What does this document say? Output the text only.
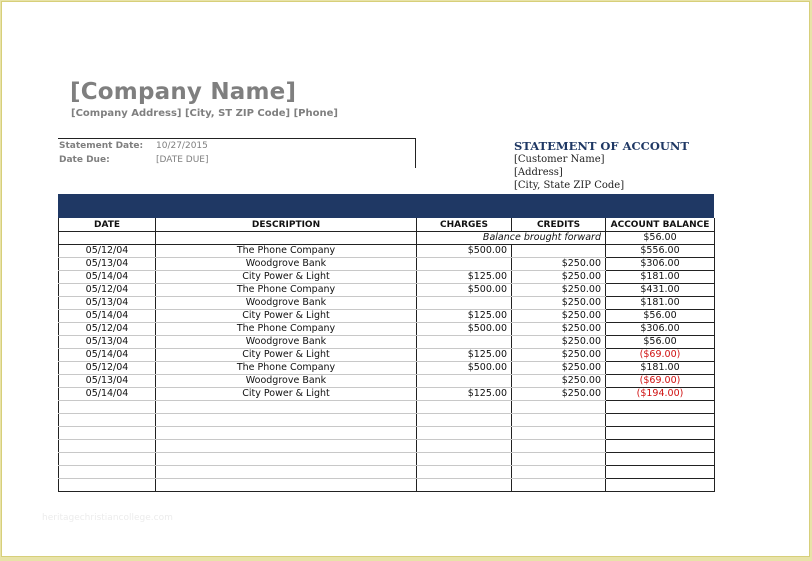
[Company Name]
[Company Address] [City, ST ZIP Code] [Phone]
Statement Date: 10/27/2015
Date Due:	[DATE DUE]
STATEMENT OF ACCOUNT
[Customer Name]
[Address]
[City, State ZIP Code]
DATE	DESCRIPTION	CHARGES	CREDITS	ACCOUNT BALANCE
		Balance brought forward		$56.00
05/12/04	The Phone Company	$500.00		$556.00
05/13/04	Woodgrove Bank		$250.00	$306.00
05/14/04	City Power & Light	$125.00	$250.00	$181.00
05/12/04	The Phone Company	$500.00	$250.00	$431.00
05/13/04	Woodgrove Bank		$250.00	$181.00
05/14/04	City Power & Light	$125.00	$250.00	$56.00
05/12/04	The Phone Company	$500.00	$250.00	$306.00
05/13/04	Woodgrove Bank		$250.00	$56.00
05/14/04	City Power & Light	$125.00	$250.00	($69.00)
05/12/04	The Phone Company	$500.00	$250.00	$181.00
05/13/04	Woodgrove Bank		$250.00	($69.00)
05/14/04	City Power & Light	$125.00	$250.00	($194.00)

heritagechristiancollege.com
